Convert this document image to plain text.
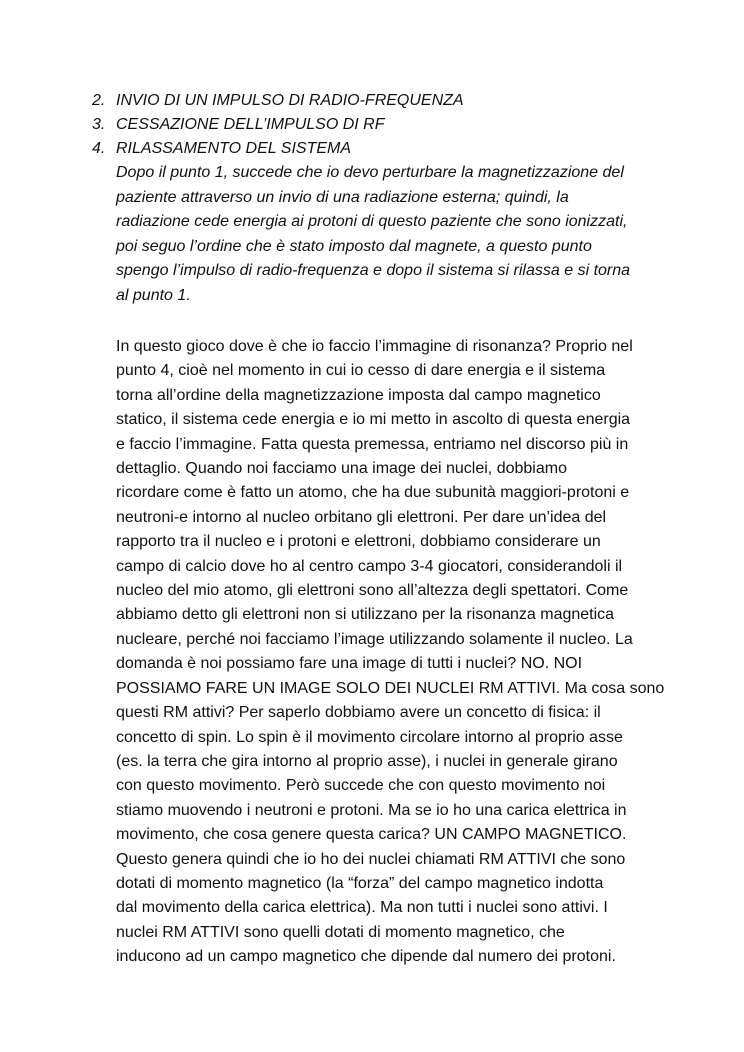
2. INVIO DI UN IMPULSO DI RADIO-FREQUENZA
3. CESSAZIONE DELL’IMPULSO DI RF
4. RILASSAMENTO DEL SISTEMA

Dopo il punto 1, succede che io devo perturbare la magnetizzazione del
paziente attraverso un invio di una radiazione esterna; quindi, la
radiazione cede energia ai protoni di questo paziente che sono ionizzati,
poi seguo l’ordine che è stato imposto dal magnete, a questo punto
spengo l’impulso di radio-frequenza e dopo il sistema si rilassa e si torna
al punto 1.

In questo gioco dove è che io faccio l’immagine di risonanza? Proprio nel
punto 4, cioè nel momento in cui io cesso di dare energia e il sistema
torna all’ordine della magnetizzazione imposta dal campo magnetico
statico, il sistema cede energia e io mi metto in ascolto di questa energia
e faccio l’immagine. Fatta questa premessa, entriamo nel discorso più in
dettaglio. Quando noi facciamo una image dei nuclei, dobbiamo
ricordare come è fatto un atomo, che ha due subunità maggiori-protoni e
neutroni-e intorno al nucleo orbitano gli elettroni. Per dare un’idea del
rapporto tra il nucleo e i protoni e elettroni, dobbiamo considerare un
campo di calcio dove ho al centro campo 3-4 giocatori, considerandoli il
nucleo del mio atomo, gli elettroni sono all’altezza degli spettatori. Come
abbiamo detto gli elettroni non si utilizzano per la risonanza magnetica
nucleare, perché noi facciamo l’image utilizzando solamente il nucleo. La
domanda è noi possiamo fare una image di tutti i nuclei? NO. NOI
POSSIAMO FARE UN IMAGE SOLO DEI NUCLEI RM ATTIVI. Ma cosa sono
questi RM attivi? Per saperlo dobbiamo avere un concetto di fisica: il
concetto di spin. Lo spin è il movimento circolare intorno al proprio asse
(es. la terra che gira intorno al proprio asse), i nuclei in generale girano
con questo movimento. Però succede che con questo movimento noi
stiamo muovendo i neutroni e protoni. Ma se io ho una carica elettrica in
movimento, che cosa genere questa carica? UN CAMPO MAGNETICO.
Questo genera quindi che io ho dei nuclei chiamati RM ATTIVI che sono
dotati di momento magnetico (la “forza” del campo magnetico indotta
dal movimento della carica elettrica). Ma non tutti i nuclei sono attivi. I
nuclei RM ATTIVI sono quelli dotati di momento magnetico, che
inducono ad un campo magnetico che dipende dal numero dei protoni.
